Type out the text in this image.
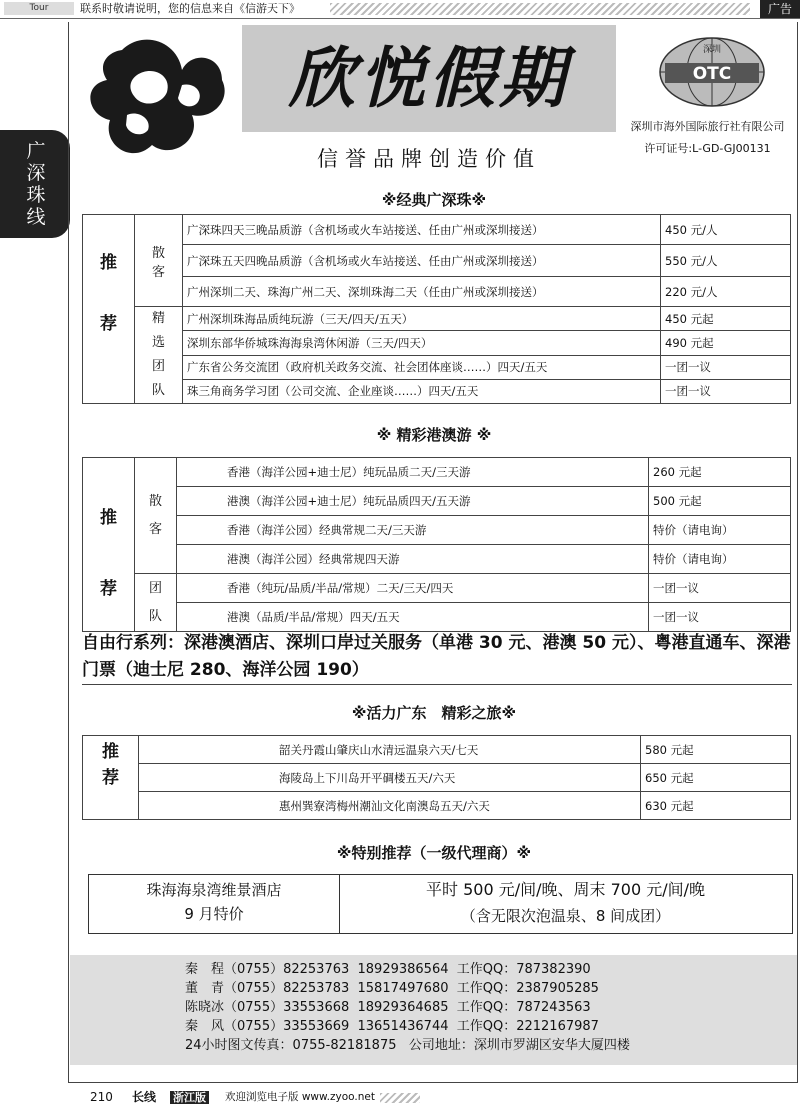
Tour	联系时敬请说明，您的信息来自《信游天下》	广告
广深珠线
欣悦假期
信誉品牌创造价值
OTC
深圳
深圳市海外国际旅行社有限公司
许可证号:L-GD-GJ00131
※经典广深珠※
推	散
客	广深珠四天三晚品质游（含机场或火车站接送、任由广州或深圳接送）	450 元/人
		广深珠五天四晚品质游（含机场或火车站接送、任由广州或深圳接送）	550 元/人
		广州深圳二天、珠海广州二天、深圳珠海二天（任由广州或深圳接送）	220 元/人
荐	精
选
团
队	广州深圳珠海品质纯玩游（三天/四天/五天）	450 元起
		深圳东部华侨城珠海海泉湾休闲游（三天/四天）	490 元起
		广东省公务交流团（政府机关政务交流、社会团体座谈……）四天/五天	一团一议
		珠三角商务学习团（公司交流、企业座谈……）四天/五天	一团一议
※ 精彩港澳游 ※
推	散
客	香港（海洋公园+迪士尼）纯玩品质二天/三天游	260 元起
		港澳（海洋公园+迪士尼）纯玩品质四天/五天游	500 元起
		香港（海洋公园）经典常规二天/三天游	特价（请电询）
		港澳（海洋公园）经典常规四天游	特价（请电询）
荐	团
队	香港（纯玩/品质/半品/常规）二天/三天/四天	一团一议
		港澳（品质/半品/常规）四天/五天	一团一议
自由行系列：深港澳酒店、深圳口岸过关服务（单港 30 元、港澳 50 元）、粤港直通车、深港门票（迪士尼 280、海洋公园 190）
※活力广东　精彩之旅※
推
荐	韶关丹霞山肇庆山水清远温泉六天/七天	580 元起
	海陵岛上下川岛开平碉楼五天/六天	650 元起
	惠州巽寮湾梅州潮汕文化南澳岛五天/六天	630 元起
※特别推荐（一级代理商）※
珠海海泉湾维景酒店
9 月特价
平时 500 元/间/晚、周末 700 元/间/晚
（含无限次泡温泉、8 间成团）
秦　程（0755）82253763  18929386564  工作QQ：787382390
董　青（0755）82253783  15817497680  工作QQ：2387905285
陈晓冰（0755）33553668  18929364685  工作QQ：787243563
秦　风（0755）33553669  13651436744  工作QQ：2212167987
24小时图文传真：0755-82181875   公司地址：深圳市罗湖区安华大厦四楼
210 长线 浙江版 欢迎浏览电子版 www.zyoo.net
